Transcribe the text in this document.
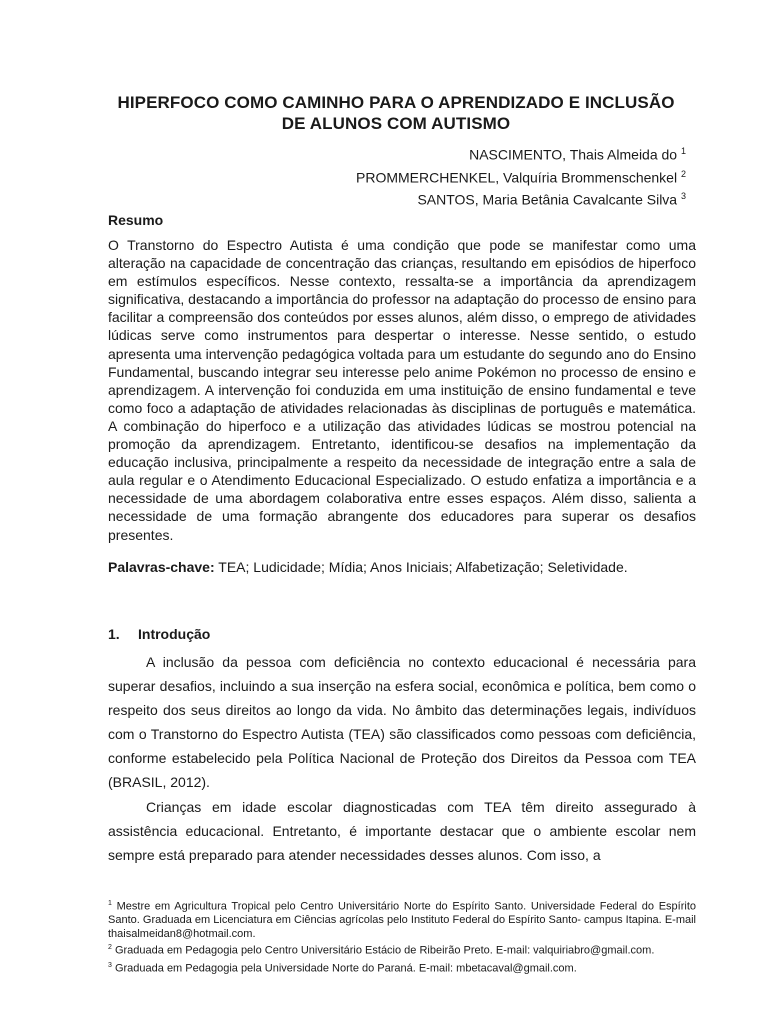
HIPERFOCO COMO CAMINHO PARA O APRENDIZADO E INCLUSÃO
DE ALUNOS COM AUTISMO
NASCIMENTO, Thais Almeida do $^1$
PROMMERCHENKEL, Valquíria Brommenschenkel $^2$
SANTOS, Maria Betânia Cavalcante Silva $^3$
Resumo

O Transtorno do Espectro Autista é uma condição que pode se manifestar como uma alteração na capacidade de concentração das crianças, resultando em episódios de hiperfoco em estímulos específicos. Nesse contexto, ressalta-se a importância da aprendizagem significativa, destacando a importância do professor na adaptação do processo de ensino para facilitar a compreensão dos conteúdos por esses alunos, além disso, o emprego de atividades lúdicas serve como instrumentos para despertar o interesse. Nesse sentido, o estudo apresenta uma intervenção pedagógica voltada para um estudante do segundo ano do Ensino Fundamental, buscando integrar seu interesse pelo anime Pokémon no processo de ensino e aprendizagem. A intervenção foi conduzida em uma instituição de ensino fundamental e teve como foco a adaptação de atividades relacionadas às disciplinas de português e matemática. A combinação do hiperfoco e a utilização das atividades lúdicas se mostrou potencial na promoção da aprendizagem. Entretanto, identificou-se desafios na implementação da educação inclusiva, principalmente a respeito da necessidade de integração entre a sala de aula regular e o Atendimento Educacional Especializado. O estudo enfatiza a importância e a necessidade de uma abordagem colaborativa entre esses espaços. Além disso, salienta a necessidade de uma formação abrangente dos educadores para superar os desafios presentes.

Palavras-chave: TEA; Ludicidade; Mídia; Anos Iniciais; Alfabetização; Seletividade.
1. Introdução

A inclusão da pessoa com deficiência no contexto educacional é necessária para superar desafios, incluindo a sua inserção na esfera social, econômica e política, bem como o respeito dos seus direitos ao longo da vida. No âmbito das determinações legais, indivíduos com o Transtorno do Espectro Autista (TEA) são classificados como pessoas com deficiência, conforme estabelecido pela Política Nacional de Proteção dos Direitos da Pessoa com TEA (BRASIL, 2012).

Crianças em idade escolar diagnosticadas com TEA têm direito assegurado à assistência educacional. Entretanto, é importante destacar que o ambiente escolar nem sempre está preparado para atender necessidades desses alunos. Com isso, a

$^1$ Mestre em Agricultura Tropical pelo Centro Universitário Norte do Espírito Santo. Universidade Federal do Espírito Santo. Graduada em Licenciatura em Ciências agrícolas pelo Instituto Federal do Espírito Santo- campus Itapina. E-mail thaisalmeidan8@hotmail.com.

$^2$ Graduada em Pedagogia pelo Centro Universitário Estácio de Ribeirão Preto. E-mail: valquiriabro@gmail.com.

$^3$ Graduada em Pedagogia pela Universidade Norte do Paraná. E-mail: mbetacaval@gmail.com.
